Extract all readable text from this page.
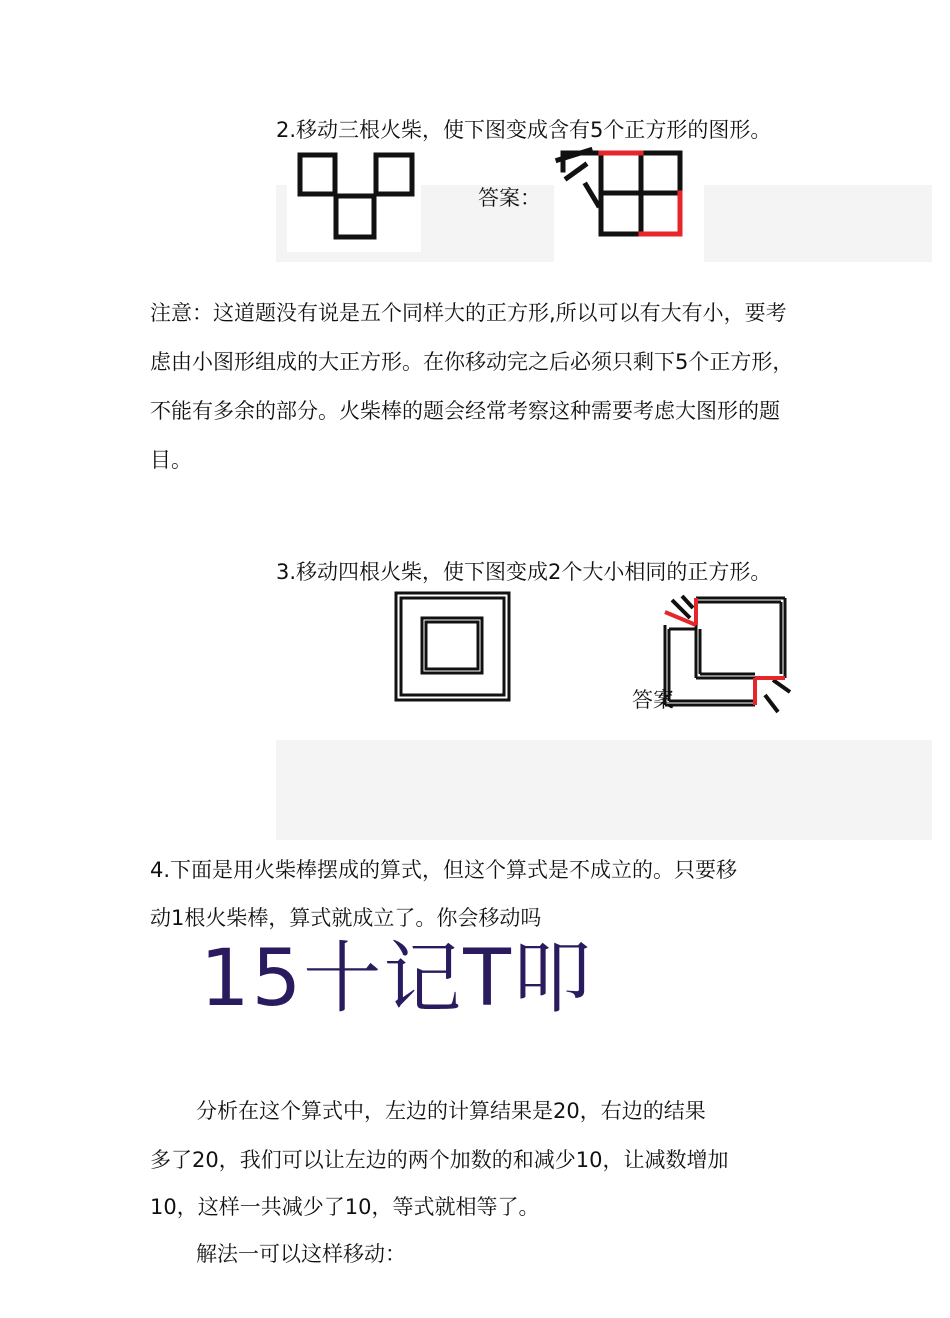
2.移动三根火柴，使下图变成含有5个正方形的图形。
答案：
注意：这道题没有说是五个同样大的正方形,所以可以有大有小，要考
虑由小图形组成的大正方形。在你移动完之后必须只剩下5个正方形，
不能有多余的部分。火柴棒的题会经常考察这种需要考虑大图形的题
目。
3.移动四根火柴，使下图变成2个大小相同的正方形。
答案
4.下面是用火柴棒摆成的算式，但这个算式是不成立的。只要移
动1根火柴棒，算式就成立了。你会移动吗
15十记T叩
分析在这个算式中，左边的计算结果是20，右边的结果
多了20，我们可以让左边的两个加数的和减少10，让减数增加
10，这样一共减少了10，等式就相等了。
解法一可以这样移动：
